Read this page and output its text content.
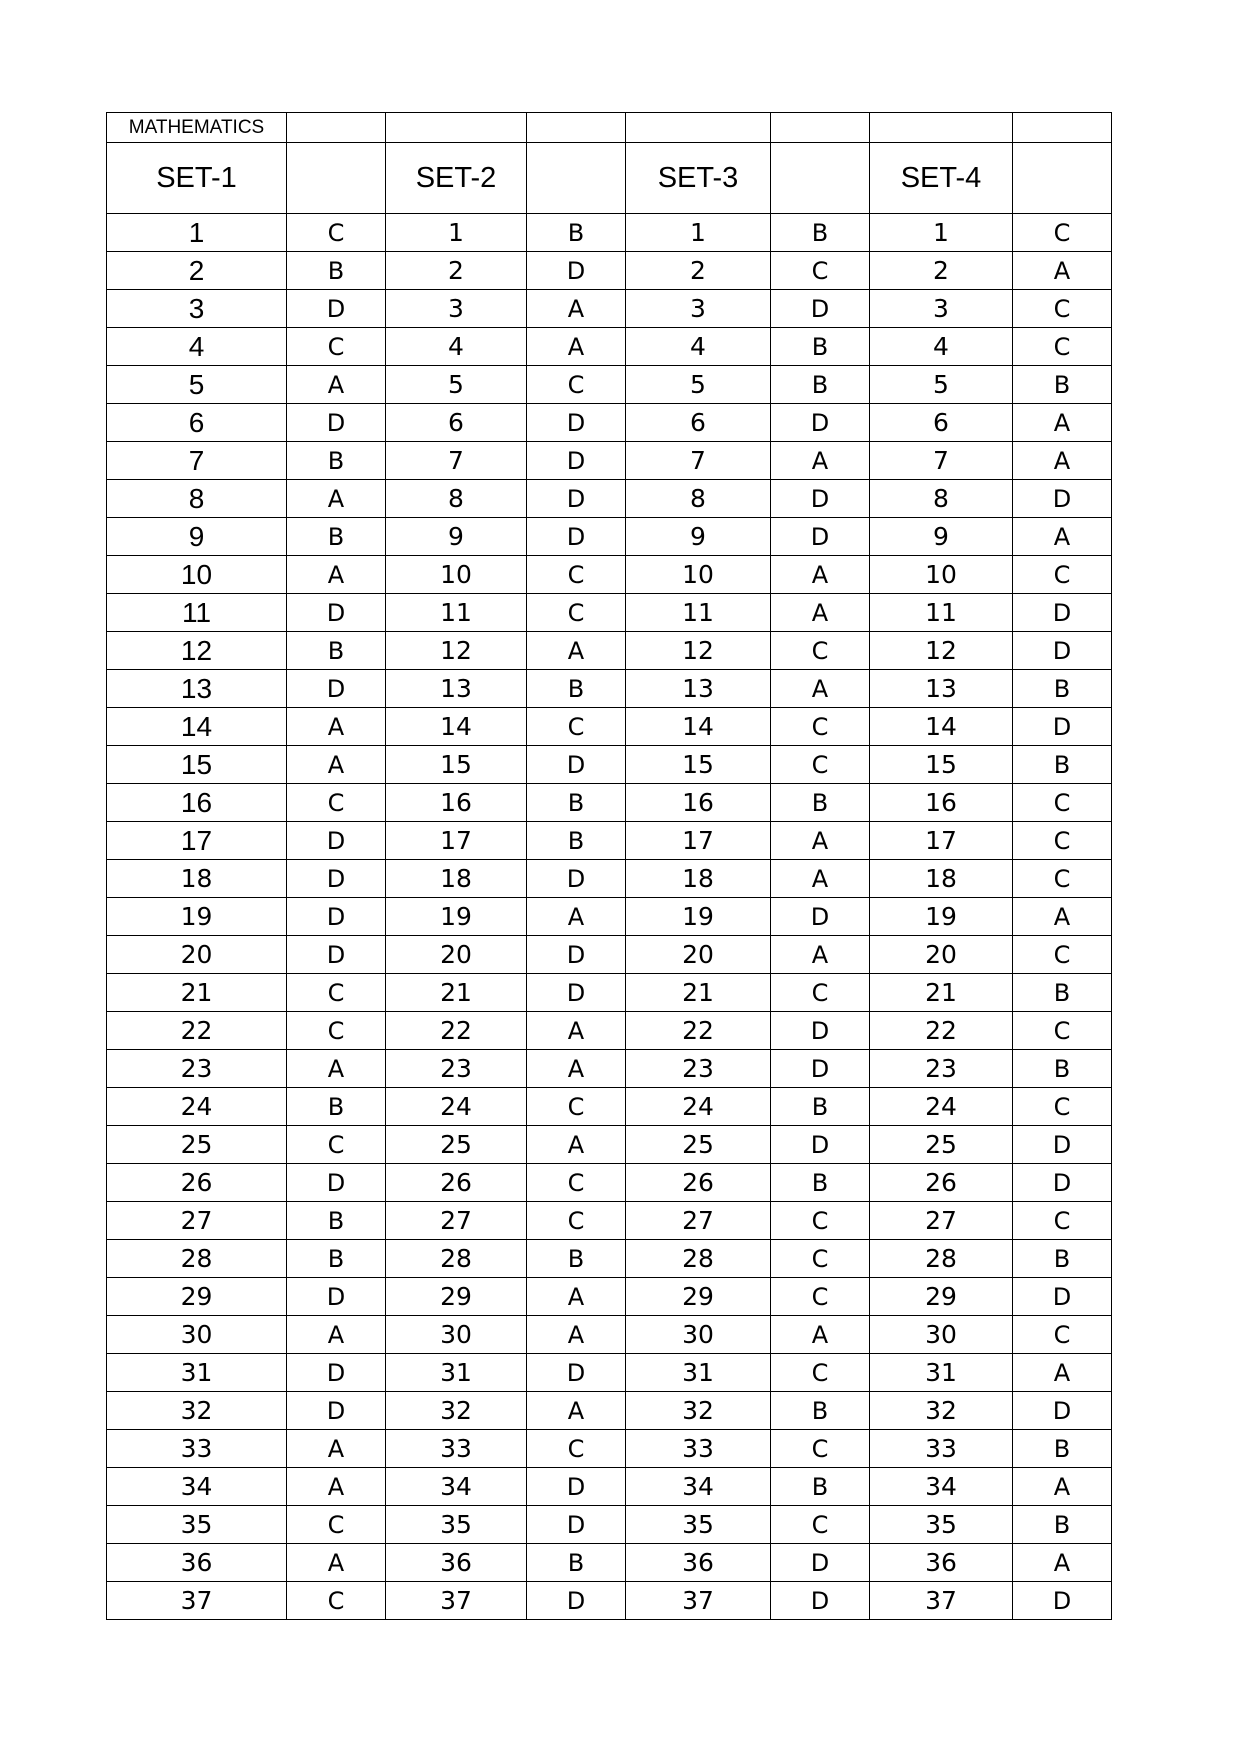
MATHEMATICS							
SET-1		SET-2		SET-3		SET-4	
1	C	1	B	1	B	1	C
2	B	2	D	2	C	2	A
3	D	3	A	3	D	3	C
4	C	4	A	4	B	4	C
5	A	5	C	5	B	5	B
6	D	6	D	6	D	6	A
7	B	7	D	7	A	7	A
8	A	8	D	8	D	8	D
9	B	9	D	9	D	9	A
10	A	10	C	10	A	10	C
11	D	11	C	11	A	11	D
12	B	12	A	12	C	12	D
13	D	13	B	13	A	13	B
14	A	14	C	14	C	14	D
15	A	15	D	15	C	15	B
16	C	16	B	16	B	16	C
17	D	17	B	17	A	17	C
18	D	18	D	18	A	18	C
19	D	19	A	19	D	19	A
20	D	20	D	20	A	20	C
21	C	21	D	21	C	21	B
22	C	22	A	22	D	22	C
23	A	23	A	23	D	23	B
24	B	24	C	24	B	24	C
25	C	25	A	25	D	25	D
26	D	26	C	26	B	26	D
27	B	27	C	27	C	27	C
28	B	28	B	28	C	28	B
29	D	29	A	29	C	29	D
30	A	30	A	30	A	30	C
31	D	31	D	31	C	31	A
32	D	32	A	32	B	32	D
33	A	33	C	33	C	33	B
34	A	34	D	34	B	34	A
35	C	35	D	35	C	35	B
36	A	36	B	36	D	36	A
37	C	37	D	37	D	37	D
